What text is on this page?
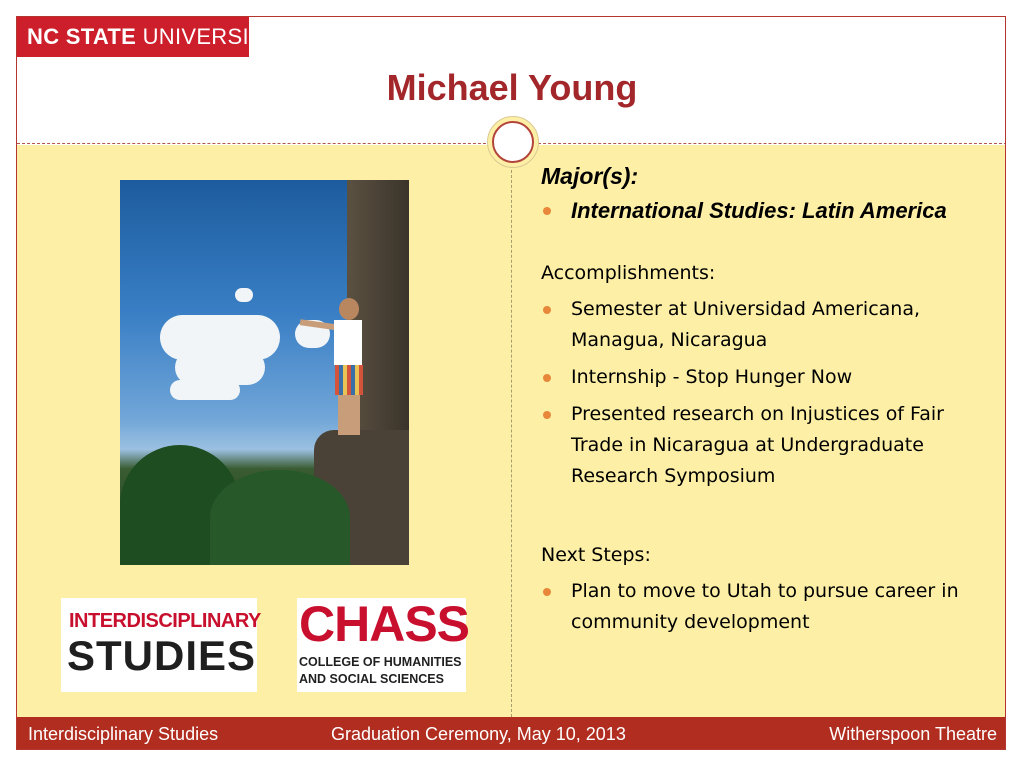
NC STATE UNIVERSITY
Michael Young
INTERDISCIPLINARY
STUDIES
CHASS
COLLEGE OF HUMANITIES
AND SOCIAL SCIENCES
Major(s):
International Studies: Latin America
Accomplishments:
Semester at Universidad Americana, Managua, Nicaragua
Internship - Stop Hunger Now
Presented research on Injustices of Fair Trade in Nicaragua at Undergraduate Research Symposium
Next Steps:
Plan to move to Utah to pursue career in community development
Interdisciplinary Studies	Graduation Ceremony, May 10, 2013	Witherspoon Theatre
